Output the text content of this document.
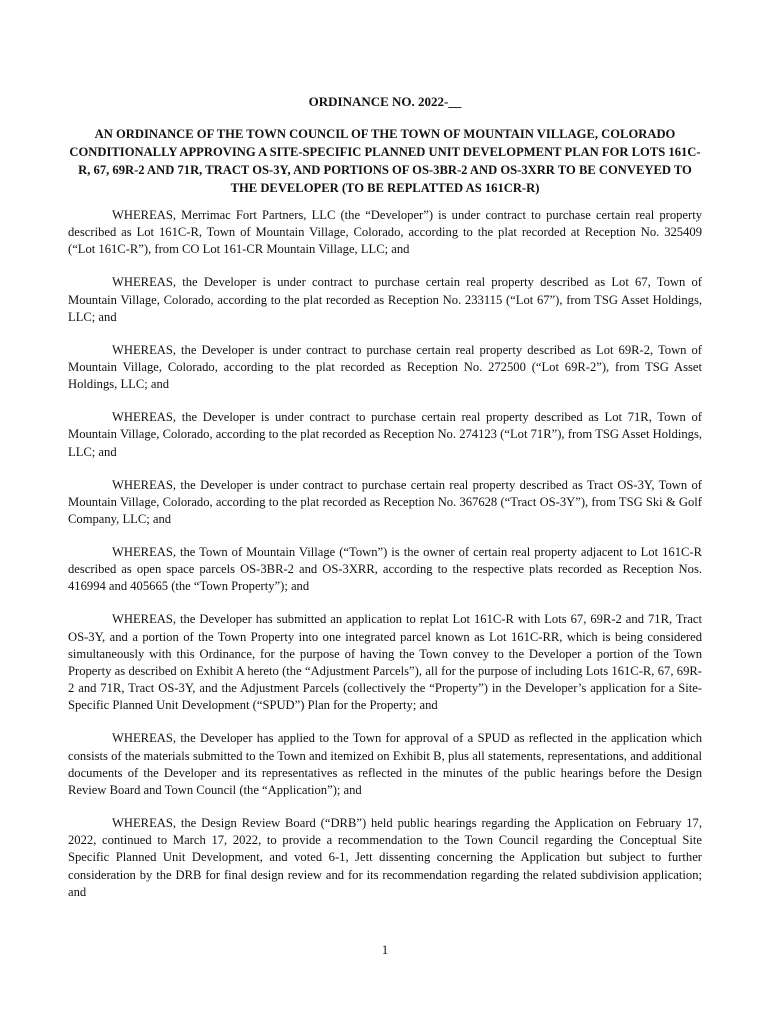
ORDINANCE NO. 2022-__
AN ORDINANCE OF THE TOWN COUNCIL OF THE TOWN OF MOUNTAIN VILLAGE, COLORADO CONDITIONALLY APPROVING A SITE-SPECIFIC PLANNED UNIT DEVELOPMENT PLAN FOR LOTS 161C-R, 67, 69R-2 AND 71R, TRACT OS-3Y, AND PORTIONS OF OS-3BR-2 AND OS-3XRR TO BE CONVEYED TO THE DEVELOPER (TO BE REPLATTED AS 161CR-R)

WHEREAS, Merrimac Fort Partners, LLC (the “Developer”) is under contract to purchase certain real property described as Lot 161C-R, Town of Mountain Village, Colorado, according to the plat recorded at Reception No. 325409 (“Lot 161C-R”), from CO Lot 161-CR Mountain Village, LLC; and

WHEREAS, the Developer is under contract to purchase certain real property described as Lot 67, Town of Mountain Village, Colorado, according to the plat recorded as Reception No. 233115 (“Lot 67”), from TSG Asset Holdings, LLC; and

WHEREAS, the Developer is under contract to purchase certain real property described as Lot 69R-2, Town of Mountain Village, Colorado, according to the plat recorded as Reception No. 272500 (“Lot 69R-2”), from TSG Asset Holdings, LLC; and

WHEREAS, the Developer is under contract to purchase certain real property described as Lot 71R, Town of Mountain Village, Colorado, according to the plat recorded as Reception No. 274123 (“Lot 71R”), from TSG Asset Holdings, LLC; and

WHEREAS, the Developer is under contract to purchase certain real property described as Tract OS-3Y, Town of Mountain Village, Colorado, according to the plat recorded as Reception No. 367628 (“Tract OS-3Y”), from TSG Ski & Golf Company, LLC; and

WHEREAS, the Town of Mountain Village (“Town”) is the owner of certain real property adjacent to Lot 161C-R described as open space parcels OS-3BR-2 and OS-3XRR, according to the respective plats recorded as Reception Nos. 416994 and 405665 (the “Town Property”); and

WHEREAS, the Developer has submitted an application to replat Lot 161C-R with Lots 67, 69R-2 and 71R, Tract OS-3Y, and a portion of the Town Property into one integrated parcel known as Lot 161C-RR, which is being considered simultaneously with this Ordinance, for the purpose of having the Town convey to the Developer a portion of the Town Property as described on Exhibit A hereto (the “Adjustment Parcels”), all for the purpose of including Lots 161C-R, 67, 69R-2 and 71R, Tract OS-3Y, and the Adjustment Parcels (collectively the “Property”) in the Developer’s application for a Site-Specific Planned Unit Development (“SPUD”) Plan for the Property; and

WHEREAS, the Developer has applied to the Town for approval of a SPUD as reflected in the application which consists of the materials submitted to the Town and itemized on Exhibit B, plus all statements, representations, and additional documents of the Developer and its representatives as reflected in the minutes of the public hearings before the Design Review Board and Town Council (the “Application”); and

WHEREAS, the Design Review Board (“DRB”) held public hearings regarding the Application on February 17, 2022, continued to March 17, 2022, to provide a recommendation to the Town Council regarding the Conceptual Site Specific Planned Unit Development, and voted 6-1, Jett dissenting concerning the Application but subject to further consideration by the DRB for final design review and for its recommendation regarding the related subdivision application; and

1
